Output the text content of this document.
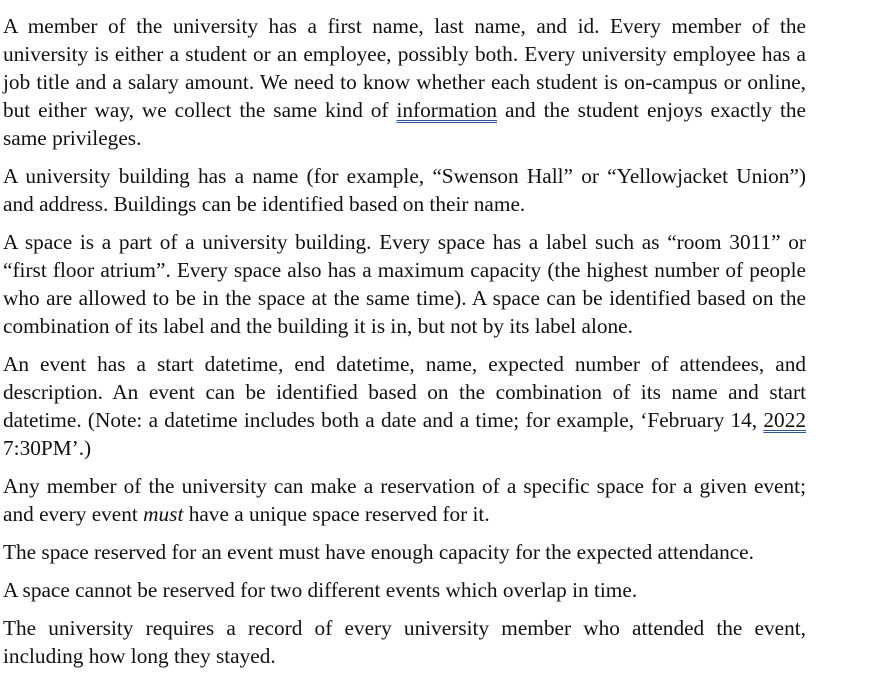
A member of the university has a first name, last name, and id. Every member of the university is either a student or an employee, possibly both. Every university employee has a job title and a salary amount. We need to know whether each student is on-campus or online, but either way, we collect the same kind of information and the student enjoys exactly the same privileges.

A university building has a name (for example, “Swenson Hall” or “Yellowjacket Union”) and address. Buildings can be identified based on their name.

A space is a part of a university building. Every space has a label such as “room 3011” or “first floor atrium”. Every space also has a maximum capacity (the highest number of people who are allowed to be in the space at the same time). A space can be identified based on the combination of its label and the building it is in, but not by its label alone.

An event has a start datetime, end datetime, name, expected number of attendees, and description. An event can be identified based on the combination of its name and start datetime. (Note: a datetime includes both a date and a time; for example, ‘February 14, 2022 7:30PM’.)

Any member of the university can make a reservation of a specific space for a given event; and every event must have a unique space reserved for it.

The space reserved for an event must have enough capacity for the expected attendance.

A space cannot be reserved for two different events which overlap in time.

The university requires a record of every university member who attended the event, including how long they stayed.
